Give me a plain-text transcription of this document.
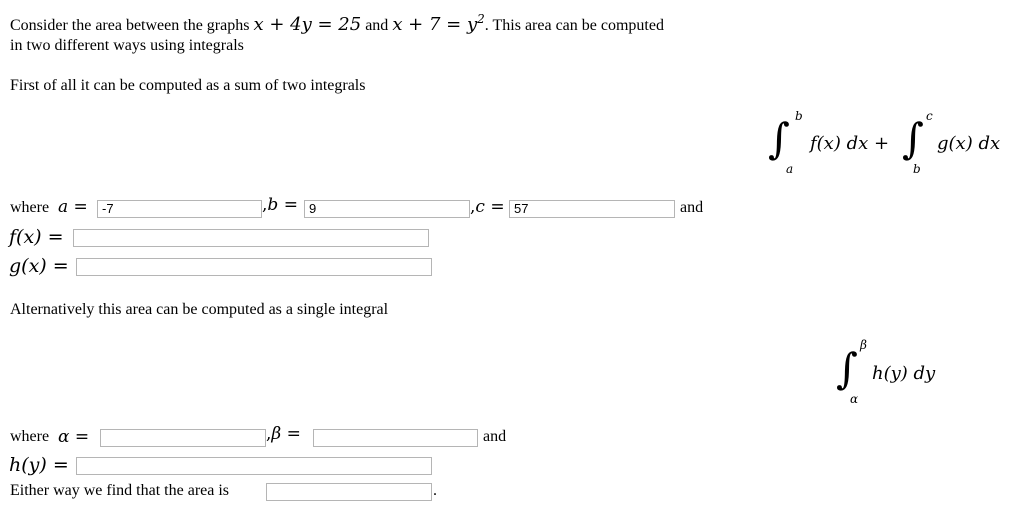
Consider the area between the graphs x + 4y = 25 and $x + 7 = y^2$. This area can be computed
in two different ways using integrals
First of all it can be computed as a sum of two integrals
∫ b
a
f(x) dx + ∫ c
b
g(x) dx
where a =	-7	,b = 9	,c = 57	and
f(x) =
g(x) =
Alternatively this area can be computed as a single integral
∫ β
α
h(y) dy
where α =	,β =	and
h(y) =
Either way we find that the area is	.
